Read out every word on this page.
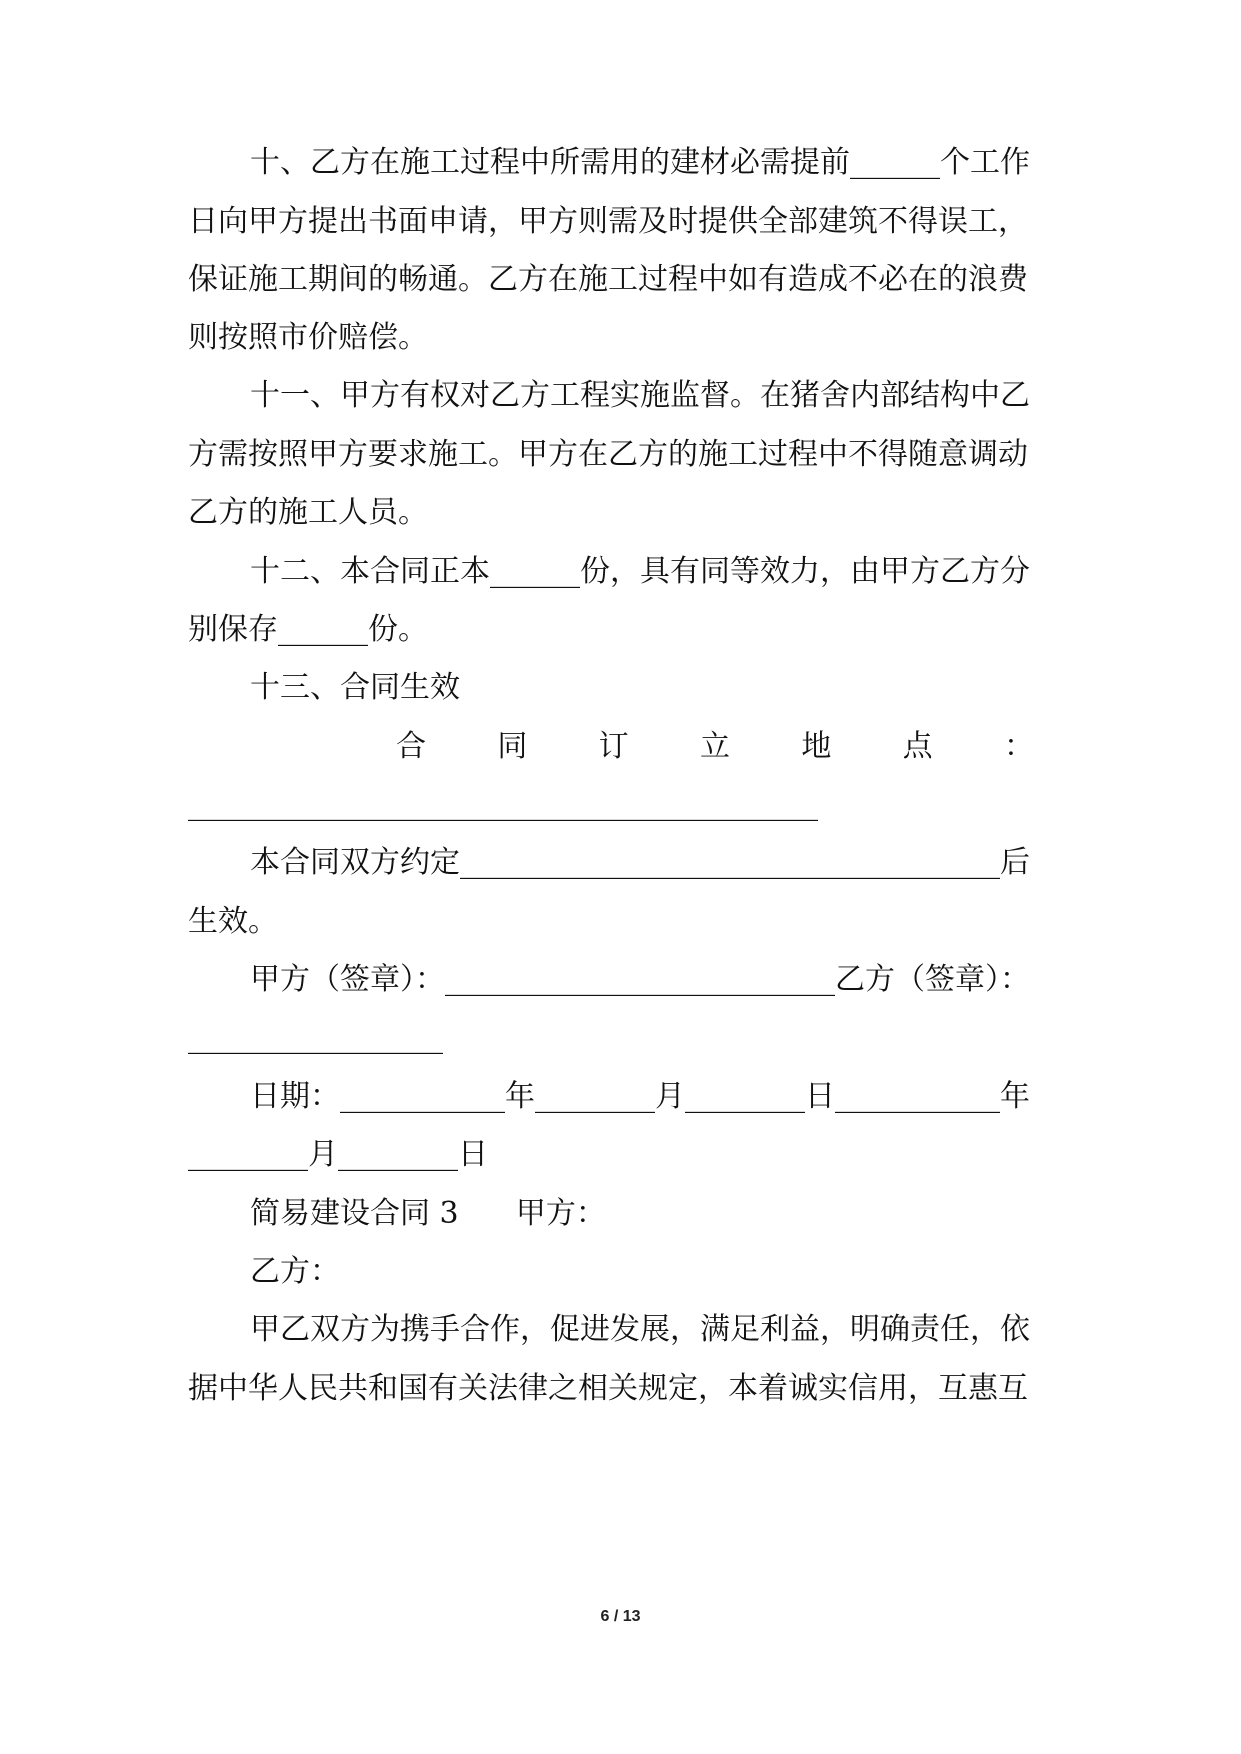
十、乙方在施工过程中所需用的建材必需提前______个工作
日向甲方提出书面申请，甲方则需及时提供全部建筑不得误工，
保证施工期间的畅通。乙方在施工过程中如有造成不必在的浪费
则按照市价赔偿。
十一、甲方有权对乙方工程实施监督。在猪舍内部结构中乙
方需按照甲方要求施工。甲方在乙方的施工过程中不得随意调动
乙方的施工人员。
十二、本合同正本______份，具有同等效力，由甲方乙方分
别保存______份。
十三、合同生效
合 同 订 立 地 点 ：
__________________________________________
本合同双方约定____________________________________后
生效。
甲方（签章）：__________________________乙方（签章）：
_________________
日期：___________年________月________日___________年
________月________日
简易建设合同 3      甲方：
乙方：
甲乙双方为携手合作，促进发展，满足利益，明确责任，依
据中华人民共和国有关法律之相关规定，本着诚实信用，互惠互
6 / 13
